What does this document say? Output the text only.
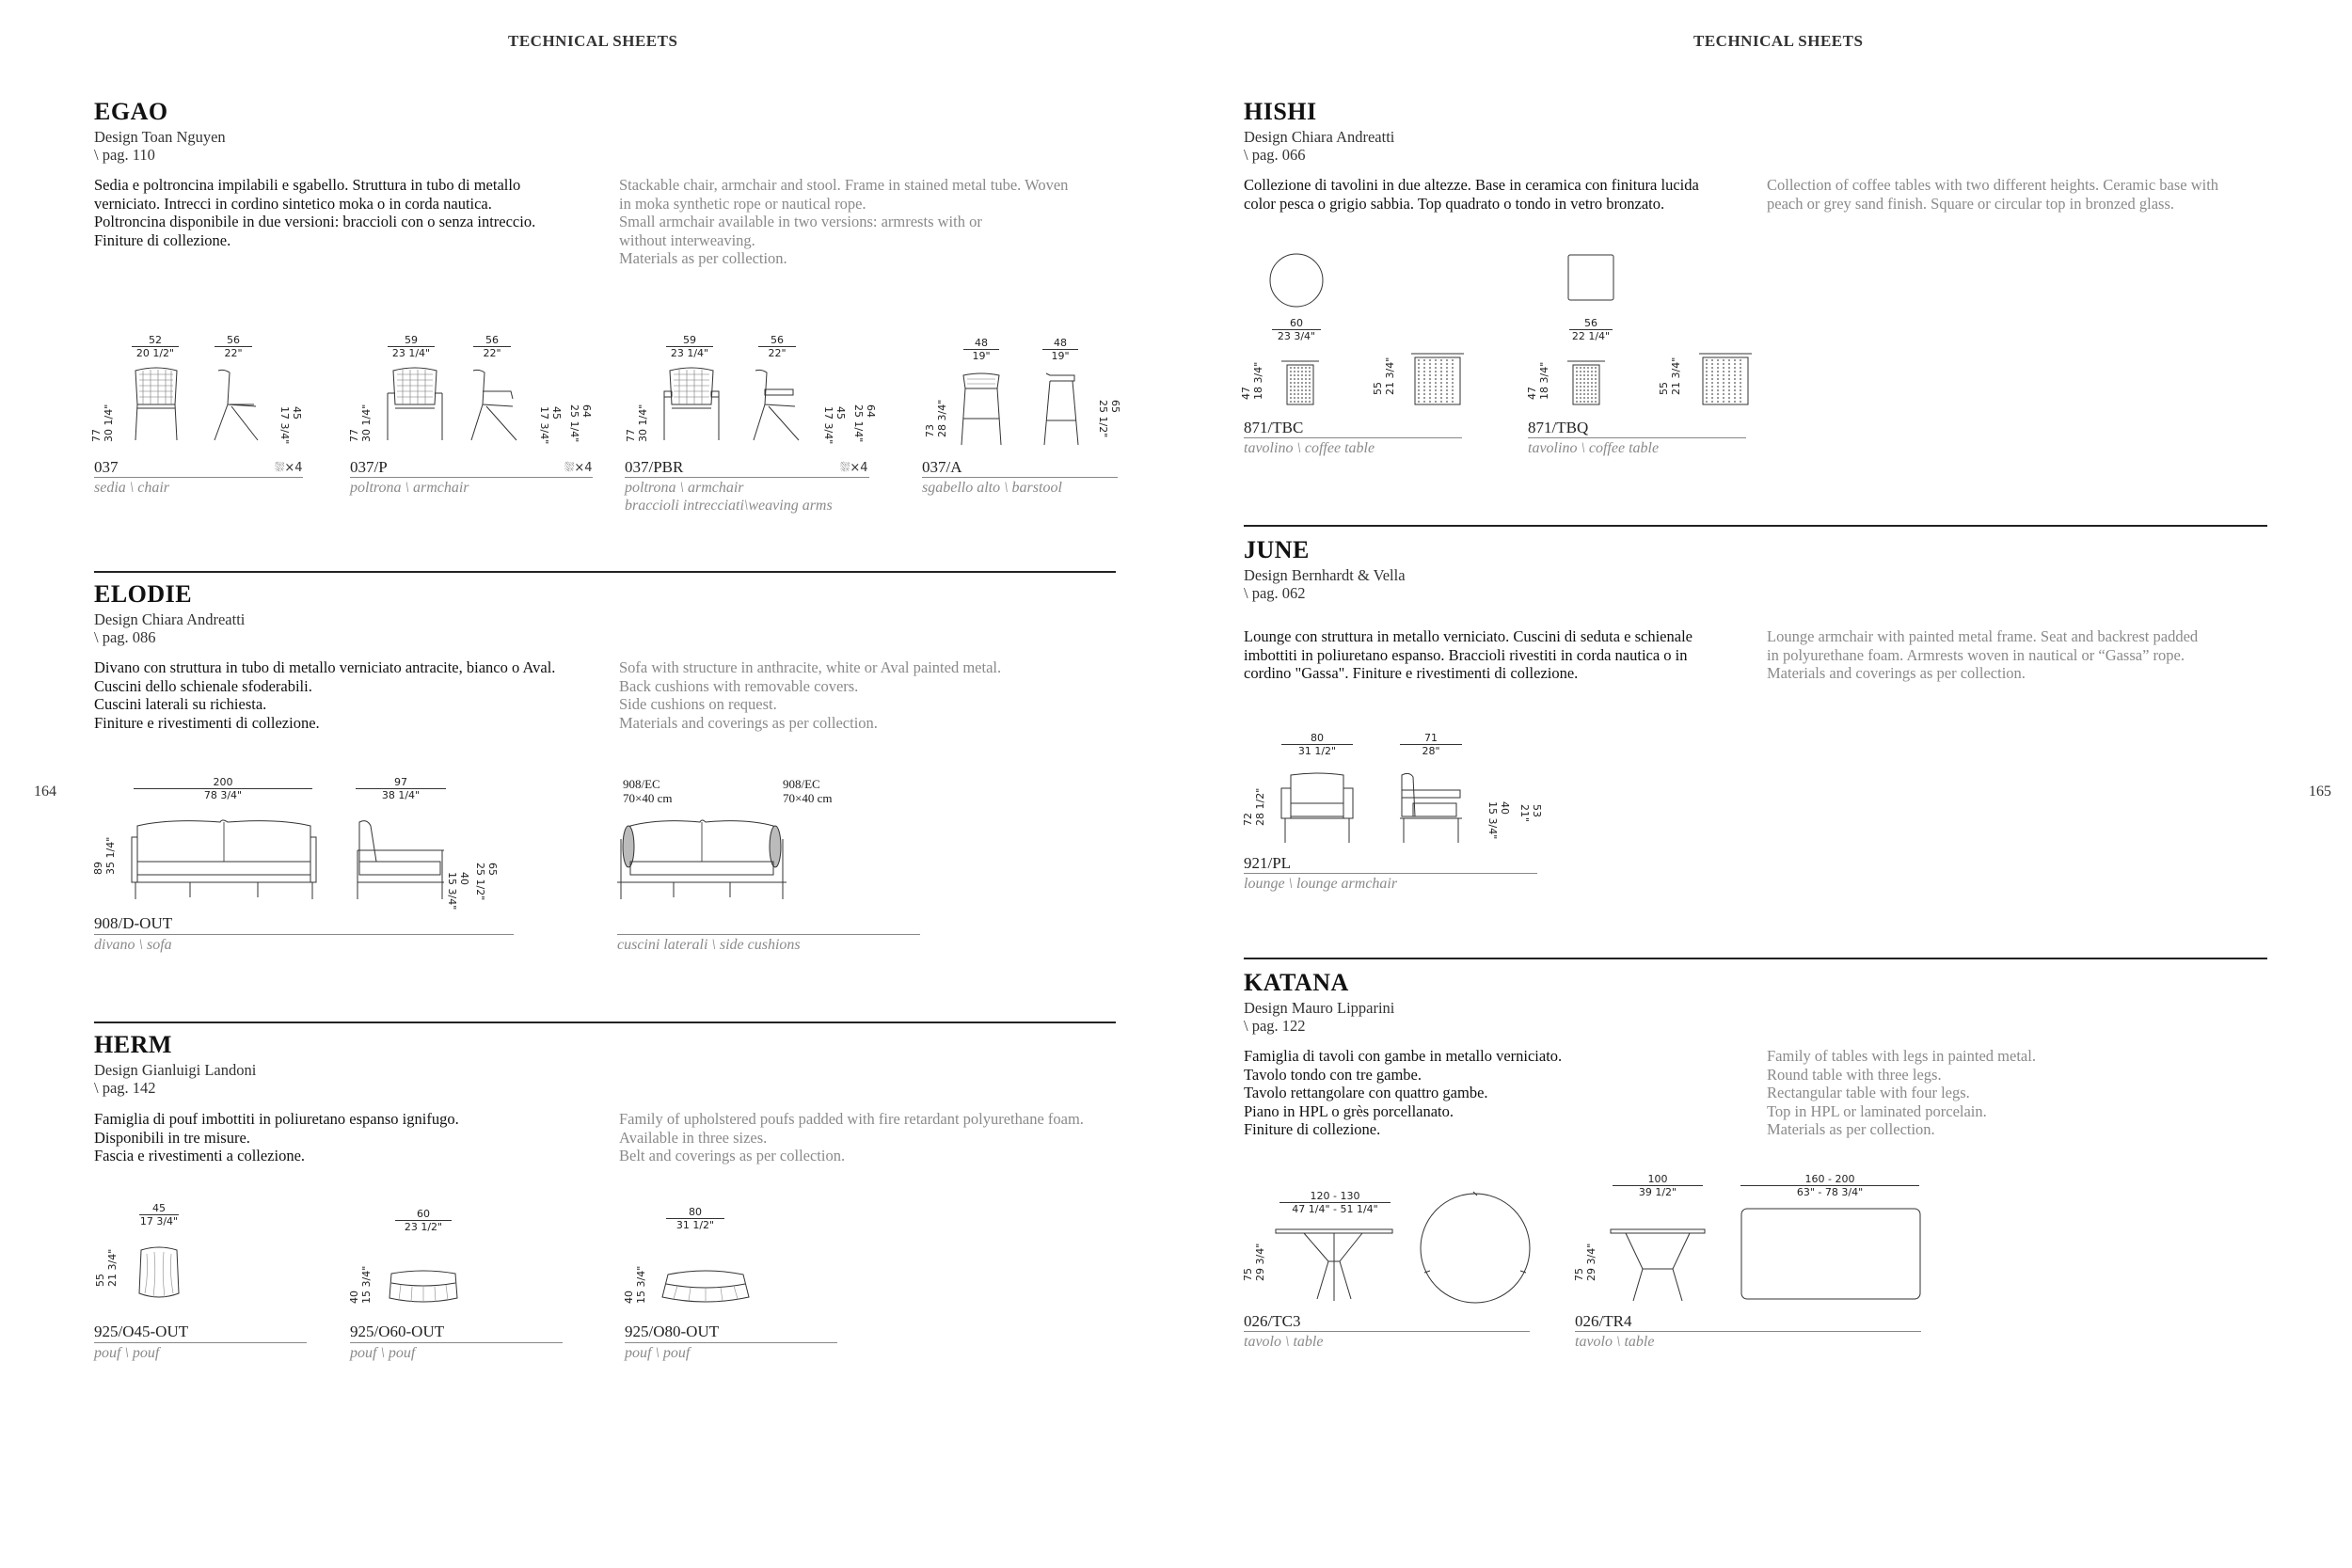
TECHNICAL SHEETS	TECHNICAL SHEETS
164	165
EGAO
Design Toan Nguyen
\ pag. 110
Sedia e poltroncina impilabili e sgabello. Struttura in tubo di metallo
verniciato. Intrecci in cordino sintetico moka o in corda nautica.
Poltroncina disponibile in due versioni: braccioli con o senza intreccio.
Finiture di collezione.
Stackable chair, armchair and stool. Frame in stained metal tube. Woven
in moka synthetic rope or nautical rope.
Small armchair available in two versions: armrests with or
without interweaving.
Materials as per collection.
52
20 1/2"
56
22"
77
30 1/4"	45
17 3/4"
037	⛆×4
sedia \ chair
59
23 1/4"
56
22"
77
30 1/4"	64
25 1/4"
45
17 3/4"
037/P	⛆×4
poltrona \ armchair
59
23 1/4"
56
22"
77
30 1/4"	64
25 1/4"
45
17 3/4"
037/PBR	⛆×4
poltrona \ armchair
braccioli intrecciati\weaving arms
48
19"
48
19"
73
28 3/4"	65
25 1/2"
037/A
sgabello alto \ barstool
ELODIE
Design Chiara Andreatti
\ pag. 086
Divano con struttura in tubo di metallo verniciato antracite, bianco o Aval.
Cuscini dello schienale sfoderabili.
Cuscini laterali su richiesta.
Finiture e rivestimenti di collezione.
Sofa with structure in anthracite, white or Aval painted metal.
Back cushions with removable covers.
Side cushions on request.
Materials and coverings as per collection.
200
78 3/4"
97
38 1/4"
89
35 1/4"	65
25 1/2"
40
15 3/4"
908/EC
70×40 cm
908/EC
70×40 cm
908/D-OUT
divano \ sofa	cuscini laterali \ side cushions
HERM
Design Gianluigi Landoni
\ pag. 142
Famiglia di pouf imbottiti in poliuretano espanso ignifugo.
Disponibili in tre misure.
Fascia e rivestimenti a collezione.
Family of upholstered poufs padded with fire retardant polyurethane foam.
Available in three sizes.
Belt and coverings as per collection.
45
17 3/4"
55
21 3/4"
60
23 1/2"
40
15 3/4"
80
31 1/2"
40
15 3/4"
925/O45-OUT
pouf \ pouf
925/O60-OUT
pouf \ pouf
925/O80-OUT
pouf \ pouf
HISHI
Design Chiara Andreatti
\ pag. 066
Collezione di tavolini in due altezze. Base in ceramica con finitura lucida
color pesca o grigio sabbia. Top quadrato o tondo in vetro bronzato.
Collection of coffee tables with two different heights. Ceramic base with
peach or grey sand finish. Square or circular top in bronzed glass.
60
23 3/4"
47
18 3/4"	55
21 3/4"
871/TBC
tavolino \ coffee table
56
22 1/4"
47
18 3/4"	55
21 3/4"
871/TBQ
tavolino \ coffee table
JUNE
Design Bernhardt & Vella
\ pag. 062
Lounge con struttura in metallo verniciato. Cuscini di seduta e schienale
imbottiti in poliuretano espanso. Braccioli rivestiti in corda nautica o in
cordino "Gassa". Finiture e rivestimenti di collezione.
Lounge armchair with painted metal frame. Seat and backrest padded
in polyurethane foam. Armrests woven in nautical or “Gassa” rope.
Materials and coverings as per collection.
80
31 1/2"
71
28"
72
28 1/2"	53
21"
40
15 3/4"
921/PL
lounge \ lounge armchair
KATANA
Design Mauro Lipparini
\ pag. 122
Famiglia di tavoli con gambe in metallo verniciato.
Tavolo tondo con tre gambe.
Tavolo rettangolare con quattro gambe.
Piano in HPL o grès porcellanato.
Finiture di collezione.
Family of tables with legs in painted metal.
Round table with three legs.
Rectangular table with four legs.
Top in HPL or laminated porcelain.
Materials as per collection.
120 - 130
47 1/4" - 51 1/4"
75
29 3/4"
026/TC3
tavolo \ table
100
39 1/2"
160 - 200
63" - 78 3/4"
75
29 3/4"
026/TR4
tavolo \ table
